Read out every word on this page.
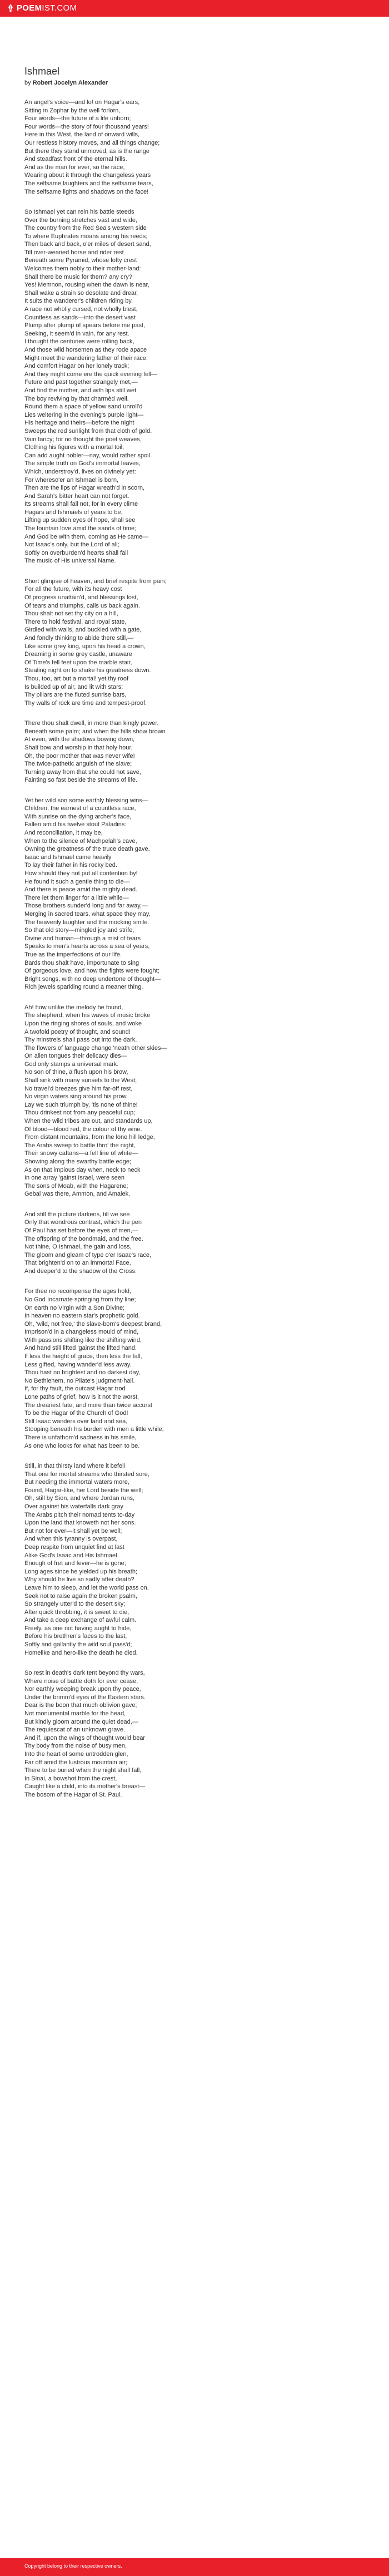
POEM IST.COM
Ishmael
by Robert Jocelyn Alexander
An angel's voice—and lo! on Hagar's ears,
Sitting in Zophar by the well forlorn,
Four words—the future of a life unborn;
Four words—the story of four thousand years!
Here in this West, the land of onward wills,
Our restless history moves, and all things change;
But there they stand unmoved, as is the range
And steadfast front of the eternal hills.
And as the man for ever, so the race,
Wearing about it through the changeless years
The selfsame laughters and the selfsame tears,
The selfsame lights and shadows on the face!
So Ishmael yet can rein his battle steeds
Over the burning stretches vast and wide,
The country from the Red Sea's western side
To where Euphrates moans among his reeds;
Then back and back, o'er miles of desert sand,
Till over-wearied horse and rider rest
Beneath some Pyramid, whose lofty crest
Welcomes them nobly to their mother-land:
Shall there be music for them? any cry?
Yes! Memnon, rousing when the dawn is near,
Shall wake a strain so desolate and drear,
It suits the wanderer's children riding by.
A race not wholly cursed, not wholly blest,
Countless as sands—into the desert vast
Plump after plump of spears before me past,
Seeking, it seem'd in vain, for any rest.
I thought the centuries were rolling back,
And those wild horsemen as they rode apace
Might meet the wandering father of their race,
And comfort Hagar on her lonely track;
And they might come ere the quick evening fell—
Future and past together strangely met,—
And find the mother, and with lips still wet
The boy reviving by that charmèd well.
Round them a space of yellow sand unroll'd
Lies weltering in the evening's purple light—
His heritage and theirs—before the night
Sweeps the red sunlight from that cloth of gold.
Vain fancy; for no thought the poet weaves,
Clothing his figures with a mortal toil,
Can add aught nobler—nay, would rather spoil
The simple truth on God's immortal leaves,
Which, understroy'd, lives on divinely yet:
For whereso'er an Ishmael is born,
Then are the lips of Hagar wreath'd in scorn,
And Sarah's bitter heart can not forget.
Its streams shall fail not, for in every clime
Hagars and Ishmaels of years to be,
Lifting up sudden eyes of hope, shall see
The fountain love amid the sands of time;
And God be with them, coming as He came—
Not Isaac's only, but the Lord of all;
Softly on overburden'd hearts shall fall
The music of His universal Name.
Short glimpse of heaven, and brief respite from pain;
For all the future, with its heavy cost
Of progress unattain'd, and blessings lost,
Of tears and triumphs, calls us back again.
Thou shalt not set thy city on a hill,
There to hold festival, and royal state,
Girdled with walls, and buckled with a gate,
And fondly thinking to abide there still,—
Like some grey king, upon his head a crown,
Dreaming in some grey castle, unaware
Of Time's fell feet upon the marble stair,
Stealing night on to shake his greatness down.
Thou, too, art but a mortal! yet thy roof
Is builded up of air, and lit with stars;
Thy pillars are the fluted sunrise bars,
Thy walls of rock are time and tempest-proof.
There thou shalt dwell, in more than kingly power,
Beneath some palm; and when the hills show brown
At even, with the shadows bowing down,
Shalt bow and worship in that holy hour.
Oh, the poor mother that was never wife!
The twice-pathetic anguish of the slave;
Turning away from that she could not save,
Fainting so fast beside the streams of life.
Yet her wild son some earthly blessing wins—
Children, the earnest of a countless race,
With sunrise on the dying archer's face,
Fallen amid his twelve stout Paladins:
And reconciliation, it may be,
When to the silence of Machpelah's cave,
Owning the greatness of the truce death gave,
Isaac and Ishmael came heavily
To lay their father in his rocky bed.
How should they not put all contention by!
He found it such a gentle thing to die—
And there is peace amid the mighty dead.
There let them linger for a little while—
Those brothers sunder'd long and far away,—
Merging in sacred tears, what space they may,
The heavenly laughter and the mocking smile.
So that old story—mingled joy and strife,
Divine and human—through a mist of tears
Speaks to men's hearts across a sea of years,
True as the imperfections of our life.
Bards thou shalt have, importunate to sing
Of gorgeous love, and how the fights were fought;
Bright songs, with no deep undertone of thought—
Rich jewels sparkling round a meaner thing.
Ah! how unlike the melody he found,
The shepherd, when his waves of music broke
Upon the ringing shores of souls, and woke
A twofold poetry of thought, and sound!
Thy minstrels shall pass out into the dark,
The flowers of language change 'neath other skies—
On alien tongues their delicacy dies—
God only stamps a universal mark.
No son of thine, a flush upon his brow,
Shall sink with many sunsets to the West;
No travel'd breezes give him far-off rest,
No virgin waters sing around his prow.
Lay we such triumph by, 'tis none of thine!
Thou drinkest not from any peaceful cup;
When the wild tribes are out, and standards up,
Of blood—blood red, the colour of thy wine.
From distant mountains, from the lone hill ledge,
The Arabs sweep to battle thro' the night,
Their snowy caftans—a fell line of white—
Showing along the swarthy battle edge;
As on that impious day when, neck to neck
In one array 'gainst Israel, were seen
The sons of Moab, with the Hagarene;
Gebal was there, Ammon, and Amalek.
And still the picture darkens, till we see
Only that wondrous contrast, which the pen
Of Paul has set before the eyes of men,—
The offspring of the bondmaid, and the free.
Not thine, O Ishmael, the gain and loss,
The gloom and gleam of type o'er Isaac's race,
That brighten'd on to an immortal Face,
And deeper'd to the shadow of the Cross.
For thee no recompense the ages hold,
No God Incarnate springing from thy line;
On earth no Virgin with a Son Divine;
In heaven no eastern star's prophetic gold.
Oh, 'wild, not free,' the slave-born's deepest brand,
Imprison'd in a changeless mould of mind,
With passions shifting like the shifting wind,
And hand still lifted 'gainst the lifted hand.
If less the height of grace, then less the fall,
Less gifted, having wander'd less away.
Thou hast no brightest and no darkest day,
No Bethlehem, no Pilate's judgment-hall.
If, for thy fault, the outcast Hagar trod
Lone paths of grief, how is it not the worst,
The dreariest fate, and more than twice accurst
To be the Hagar of the Church of God!
Still Isaac wanders over land and sea,
Stooping beneath his burden with men a little while;
There is unfathom'd sadness in his smile,
As one who looks for what has been to be.
Still, in that thirsty land where it befell
That one for mortal streams who thirsted sore,
But needing the immortal waters more,
Found, Hagar-like, her Lord beside the well;
Oh, still by Sion, and where Jordan runs,
Over against his waterfalls dark gray
The Arabs pitch their nomad tents to-day
Upon the land that knoweth not her sons.
But not for ever—it shall yet be well;
And when this tyranny is overpast,
Deep respite from unquiet find at last
Alike God's Isaac and His Ishmael.
Enough of fret and fever—he is gone;
Long ages since he yielded up his breath;
Why should he live so sadly after death?
Leave him to sleep, and let the world pass on.
Seek not to raise again the broken psalm,
So strangely utter'd to the desert sky;
After quick throbbing, it is sweet to die,
And take a deep exchange of awful calm.
Freely, as one not having aught to hide,
Before his brethren's faces to the last,
Softly and gallantly the wild soul pass'd;
Homelike and hero-like the death he died.
So rest in death's dark tent beyond thy wars,
Where noise of battle doth for ever cease,
Nor earthly weeping break upon thy peace,
Under the brimm'd eyes of the Eastern stars.
Dear is the boon that much oblivion gave;
Not monumental marble for the head,
But kindly gloom around the quiet dead,—
The requiescat of an unknown grave.
And if, upon the wings of thought would bear
Thy body from the noise of busy men,
Into the heart of some untrodden glen,
Far off amid the lustrous mountain air;
There to be buried when the night shall fall,
In Sinai, a bowshot from the crest,
Caught like a child, into its mother's breast—
The bosom of the Hagar of St. Paul.
Copyright belong to their respective owners.
